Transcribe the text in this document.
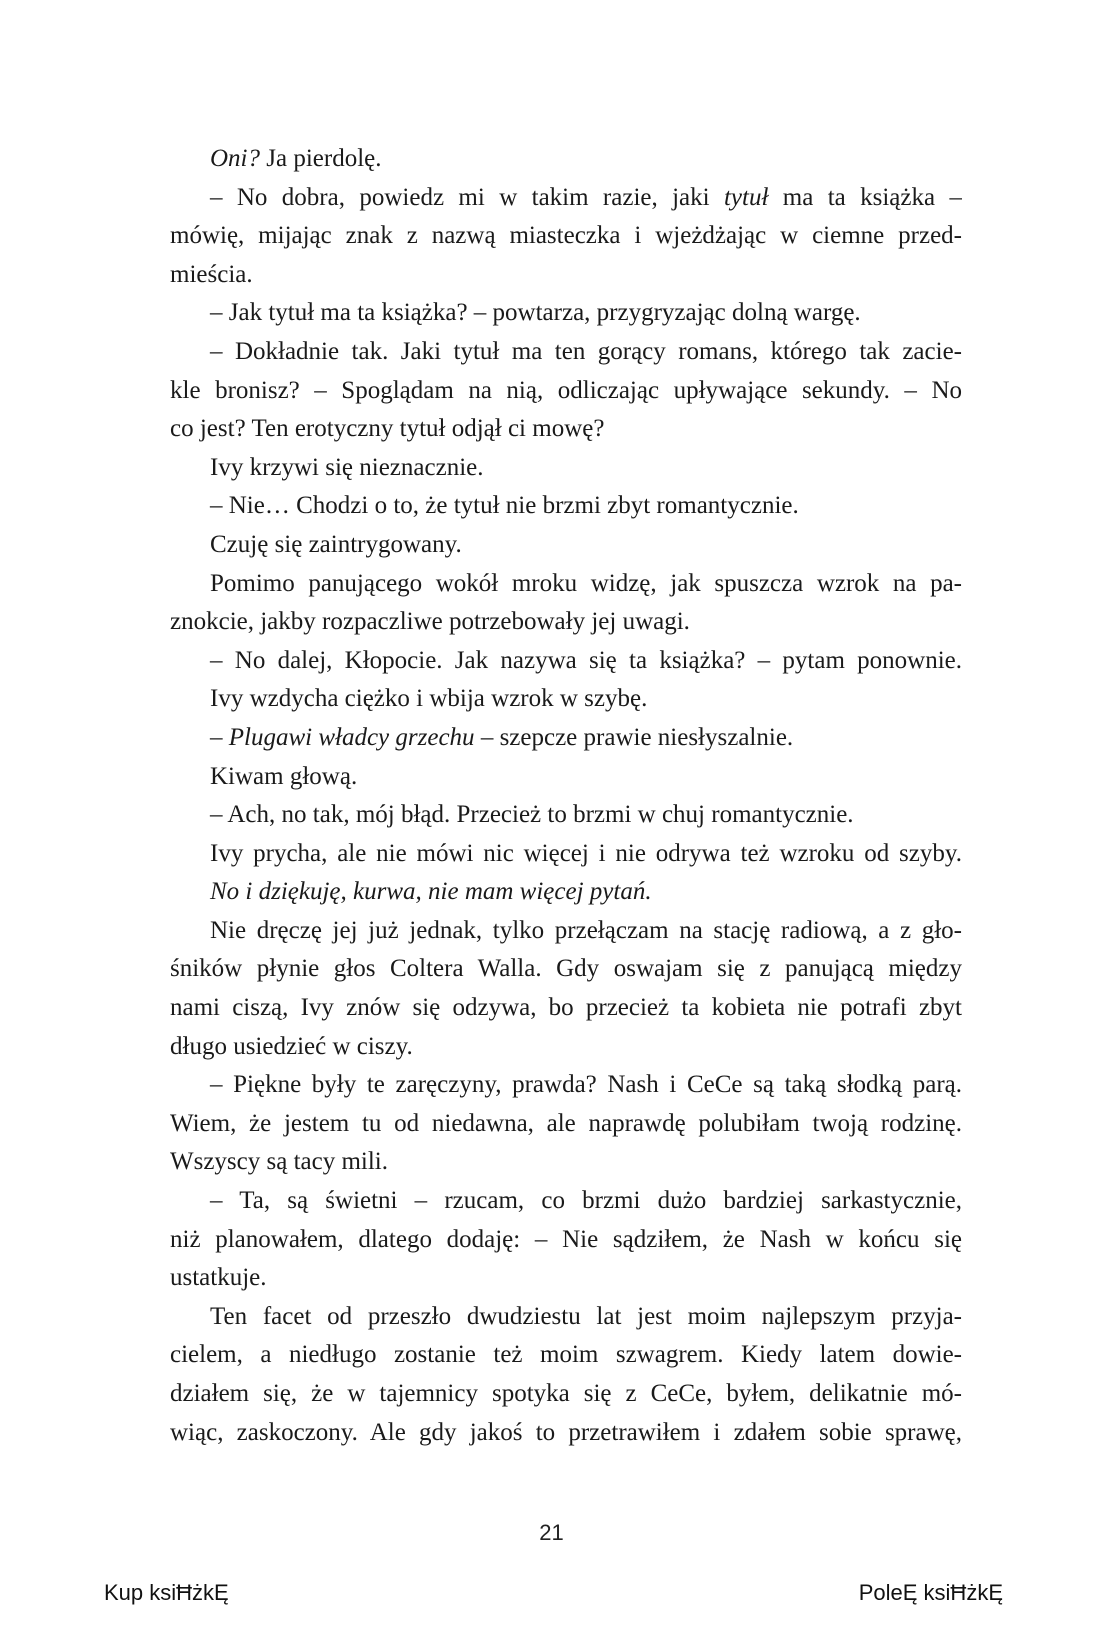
Oni? Ja pierdolę.
– No dobra, powiedz mi w takim razie, jaki tytuł ma ta książka –
mówię, mijając znak z nazwą miasteczka i wjeżdżając w ciemne przed-
mieścia.
– Jak tytuł ma ta książka? – powtarza, przygryzając dolną wargę.
– Dokładnie tak. Jaki tytuł ma ten gorący romans, którego tak zacie-
kle bronisz? – Spoglądam na nią, odliczając upływające sekundy. – No
co jest? Ten erotyczny tytuł odjął ci mowę?
Ivy krzywi się nieznacznie.
– Nie… Chodzi o to, że tytuł nie brzmi zbyt romantycznie.
Czuję się zaintrygowany.
Pomimo panującego wokół mroku widzę, jak spuszcza wzrok na pa-
znokcie, jakby rozpaczliwe potrzebowały jej uwagi.
– No dalej, Kłopocie. Jak nazywa się ta książka? – pytam ponownie.
Ivy wzdycha ciężko i wbija wzrok w szybę.
– Plugawi władcy grzechu – szepcze prawie niesłyszalnie.
Kiwam głową.
– Ach, no tak, mój błąd. Przecież to brzmi w chuj romantycznie.
Ivy prycha, ale nie mówi nic więcej i nie odrywa też wzroku od szyby.
No i dziękuję, kurwa, nie mam więcej pytań.
Nie dręczę jej już jednak, tylko przełączam na stację radiową, a z gło-
śników płynie głos Coltera Walla. Gdy oswajam się z panującą między
nami ciszą, Ivy znów się odzywa, bo przecież ta kobieta nie potrafi zbyt
długo usiedzieć w ciszy.
– Piękne były te zaręczyny, prawda? Nash i CeCe są taką słodką parą.
Wiem, że jestem tu od niedawna, ale naprawdę polubiłam twoją rodzinę.
Wszyscy są tacy mili.
– Ta, są świetni – rzucam, co brzmi dużo bardziej sarkastycznie,
niż planowałem, dlatego dodaję: – Nie sądziłem, że Nash w końcu się
ustatkuje.
Ten facet od przeszło dwudziestu lat jest moim najlepszym przyja-
cielem, a niedługo zostanie też moim szwagrem. Kiedy latem dowie-
działem się, że w tajemnicy spotyka się z CeCe, byłem, delikatnie mó-
wiąc, zaskoczony. Ale gdy jakoś to przetrawiłem i zdałem sobie sprawę,
21
Kup ksiĦżkĘ	PoleĘ ksiĦżkĘ
